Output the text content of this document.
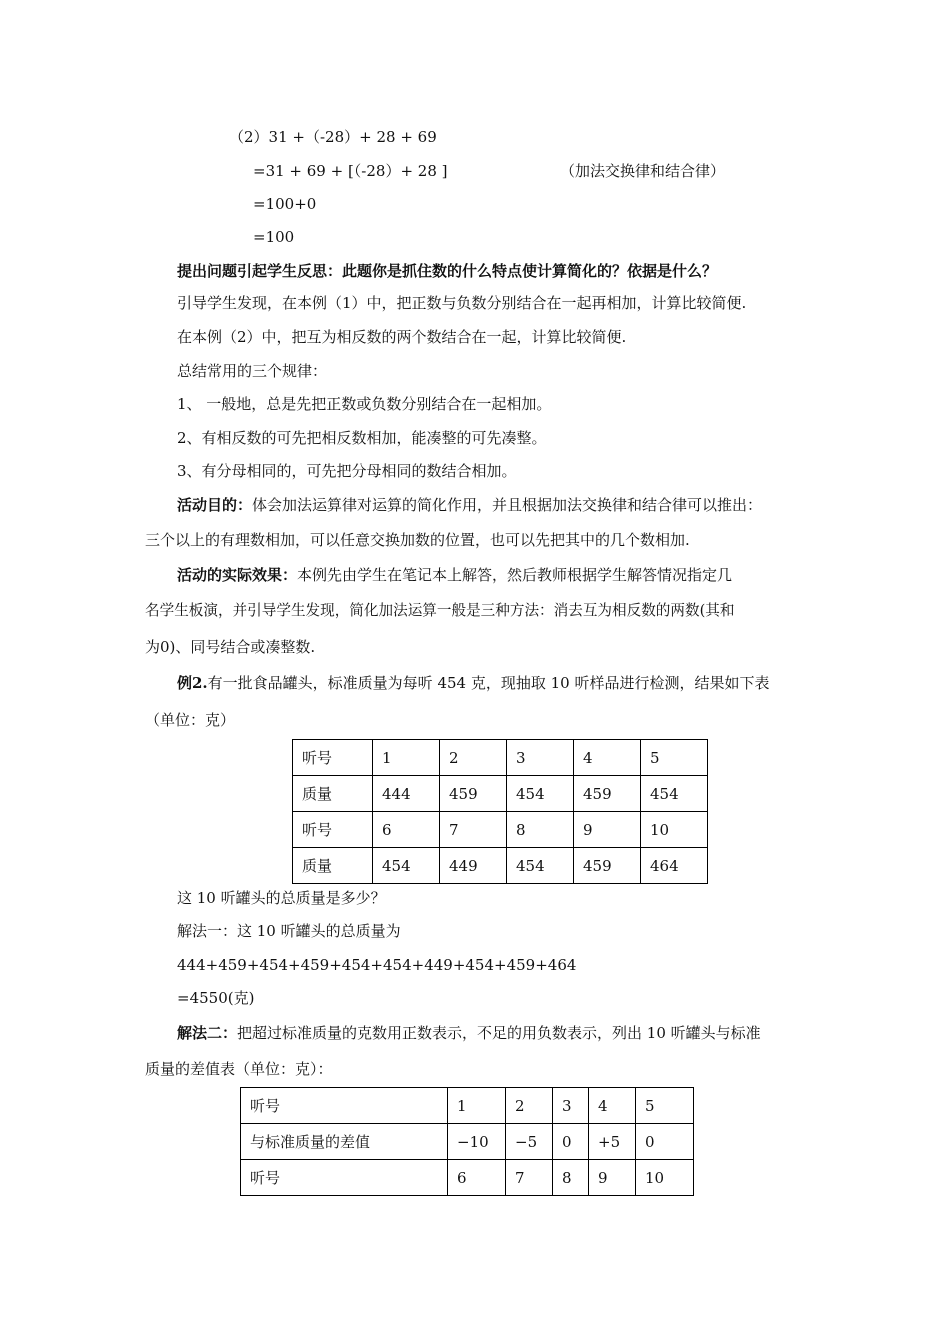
（2）31 +（-28）+ 28 + 69
=31 + 69 + [（-28）+ 28 ]	（加法交换律和结合律）
=100+0
=100
提出问题引起学生反思：此题你是抓住数的什么特点使计算简化的？依据是什么？
引导学生发现，在本例（1）中，把正数与负数分别结合在一起再相加，计算比较简便.
在本例（2）中，把互为相反数的两个数结合在一起，计算比较简便.
总结常用的三个规律：
1、 一般地，总是先把正数或负数分别结合在一起相加。
2、有相反数的可先把相反数相加，能凑整的可先凑整。
3、有分母相同的，可先把分母相同的数结合相加。
活动目的：体会加法运算律对运算的简化作用，并且根据加法交换律和结合律可以推出：
三个以上的有理数相加，可以任意交换加数的位置，也可以先把其中的几个数相加.
活动的实际效果：本例先由学生在笔记本上解答，然后教师根据学生解答情况指定几
名学生板演，并引导学生发现，简化加法运算一般是三种方法：消去互为相反数的两数(其和
为0)、同号结合或凑整数.
例2.有一批食品罐头，标准质量为每听 454 克，现抽取 10 听样品进行检测，结果如下表
（单位：克）
听号	1	2	3	4	5
质量	444	459	454	459	454
听号	6	7	8	9	10
质量	454	449	454	459	464
这 10 听罐头的总质量是多少？
解法一：这 10 听罐头的总质量为
444+459+454+459+454+454+449+454+459+464
=4550(克)
解法二：把超过标准质量的克数用正数表示，不足的用负数表示，列出 10 听罐头与标准
质量的差值表（单位：克）：
听号	1	2	3	4	5
与标准质量的差值	−10	−5	0	+5	0
听号	6	7	8	9	10
